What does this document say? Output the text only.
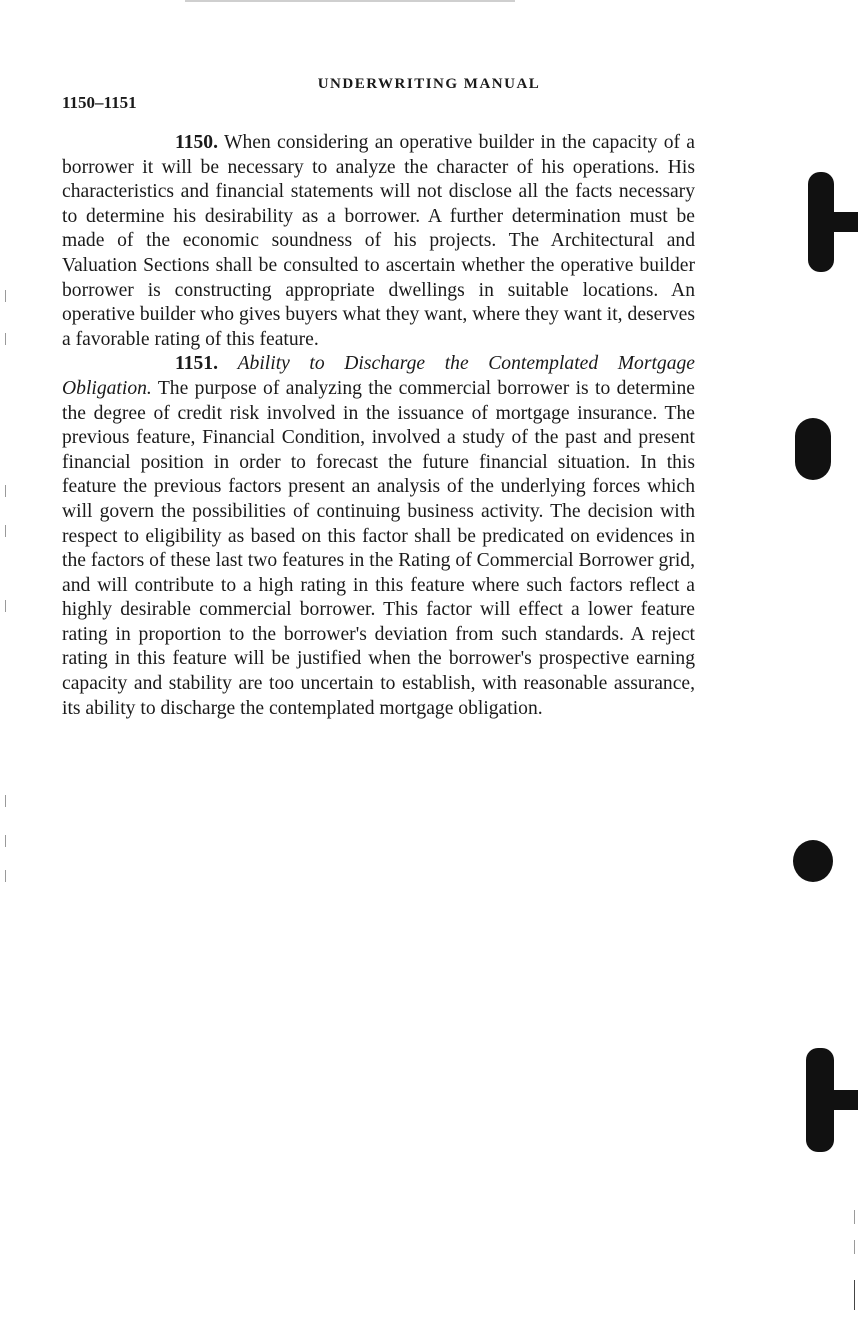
UNDERWRITING MANUAL
1150–1151

1150. When considering an operative builder in the capacity of a borrower it will be necessary to analyze the character of his operations. His characteristics and financial statements will not disclose all the facts necessary to determine his desirability as a borrower. A further determination must be made of the economic soundness of his projects. The Architectural and Valuation Sections shall be consulted to ascertain whether the operative builder borrower is constructing appropriate dwellings in suitable locations. An operative builder who gives buyers what they want, where they want it, deserves a favorable rating of this feature.

1151. Ability to Discharge the Contemplated Mortgage Obligation. The purpose of analyzing the commercial borrower is to determine the degree of credit risk involved in the issuance of mortgage insurance. The previous feature, Financial Condition, involved a study of the past and present financial position in order to forecast the future financial situation. In this feature the previous factors present an analysis of the underlying forces which will govern the possibilities of continuing business activity. The decision with respect to eligibility as based on this factor shall be predicated on evidences in the factors of these last two features in the Rating of Commercial Borrower grid, and will contribute to a high rating in this feature where such factors reflect a highly desirable commercial borrower. This factor will effect a lower feature rating in proportion to the borrower's deviation from such standards. A reject rating in this feature will be justified when the borrower's prospective earning capacity and stability are too uncertain to establish, with reasonable assurance, its ability to discharge the contemplated mortgage obligation.
